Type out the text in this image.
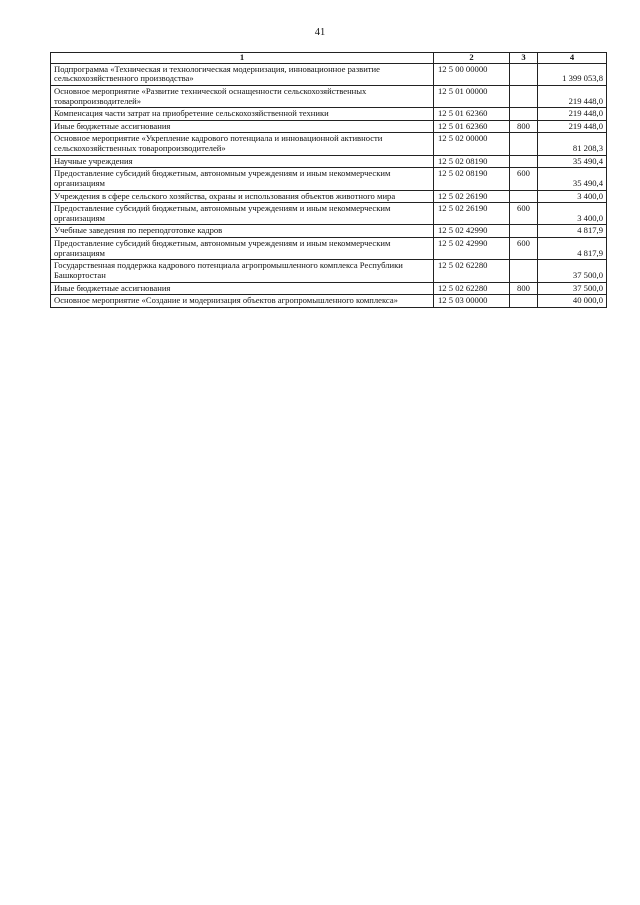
41
1	2	3	4
Подпрограмма «Техническая и технологическая модернизация, инновационное развитие сельскохозяйственного производства»	12 5 00 00000		1 399 053,8
Основное мероприятие «Развитие технической оснащенности сельскохозяйственных товаропроизводителей»	12 5 01 00000		219 448,0
Компенсация части затрат на приобретение сельскохозяйственной техники	12 5 01 62360		219 448,0
Иные бюджетные ассигнования	12 5 01 62360	800	219 448,0
Основное мероприятие «Укрепление кадрового потенциала и инновационной активности сельскохозяйственных товаропроизводителей»	12 5 02 00000		81 208,3
Научные учреждения	12 5 02 08190		35 490,4
Предоставление субсидий бюджетным, автономным учреждениям и иным некоммерческим организациям	12 5 02 08190	600	35 490,4
Учреждения в сфере сельского хозяйства, охраны и использования объектов животного мира	12 5 02 26190		3 400,0
Предоставление субсидий бюджетным, автономным учреждениям и иным некоммерческим организациям	12 5 02 26190	600	3 400,0
Учебные заведения по переподготовке кадров	12 5 02 42990		4 817,9
Предоставление субсидий бюджетным, автономным учреждениям и иным некоммерческим организациям	12 5 02 42990	600	4 817,9
Государственная поддержка кадрового потенциала агропромышленного комплекса Республики Башкортостан	12 5 02 62280		37 500,0
Иные бюджетные ассигнования	12 5 02 62280	800	37 500,0
Основное мероприятие «Создание и модернизация объектов агропромышленного комплекса»	12 5 03 00000		40 000,0
